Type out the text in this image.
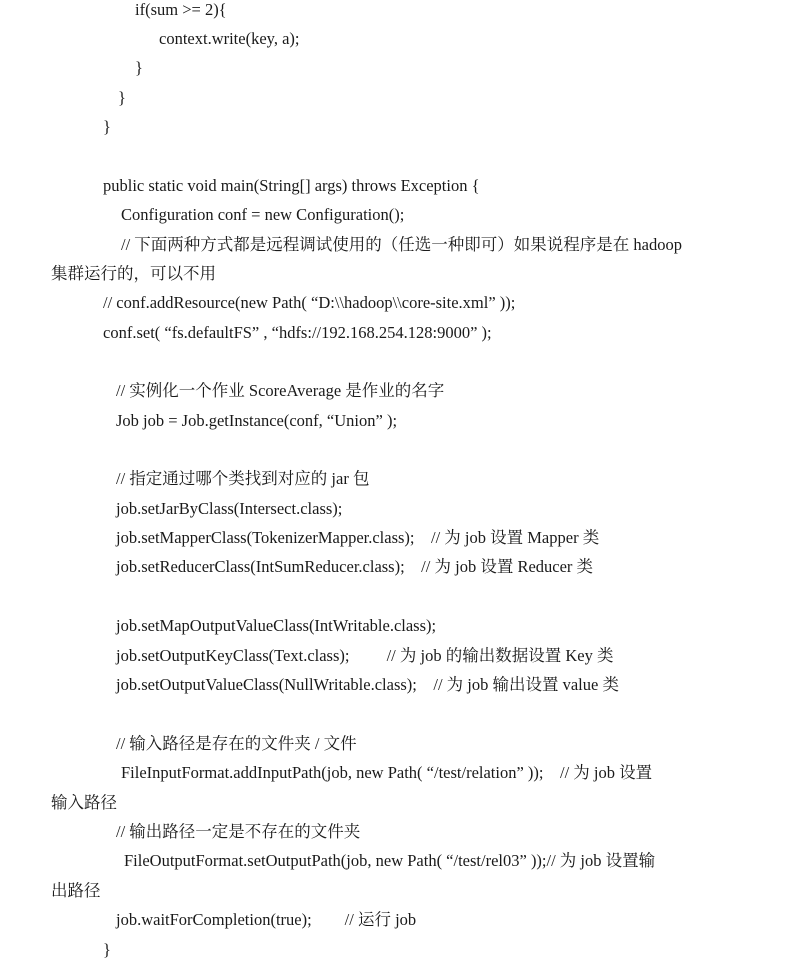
if(sum >= 2){
context.write(key, a);
}
}
}
public static void main(String[] args) throws Exception {
Configuration conf = new Configuration();
// 下面两种方式都是远程调试使用的（任选一种即可）如果说程序是在 hadoop
集群运行的，可以不用
// conf.addResource(new Path( “D:\\hadoop\\core-site.xml” ));
conf.set( “fs.defaultFS” , “hdfs://192.168.254.128:9000” );
// 实例化一个作业 ScoreAverage 是作业的名字
Job job = Job.getInstance(conf, “Union” );
// 指定通过哪个类找到对应的 jar 包
job.setJarByClass(Intersect.class);
job.setMapperClass(TokenizerMapper.class);    // 为 job 设置 Mapper 类
job.setReducerClass(IntSumReducer.class);    // 为 job 设置 Reducer 类
job.setMapOutputValueClass(IntWritable.class);
job.setOutputKeyClass(Text.class);         // 为 job 的输出数据设置 Key 类
job.setOutputValueClass(NullWritable.class);    // 为 job 输出设置 value 类
// 输入路径是存在的文件夹 / 文件
FileInputFormat.addInputPath(job, new Path( “/test/relation” ));    // 为 job 设置
输入路径
// 输出路径一定是不存在的文件夹
FileOutputFormat.setOutputPath(job, new Path( “/test/rel03” ));// 为 job 设置输
出路径
job.waitForCompletion(true);        // 运行 job
}
